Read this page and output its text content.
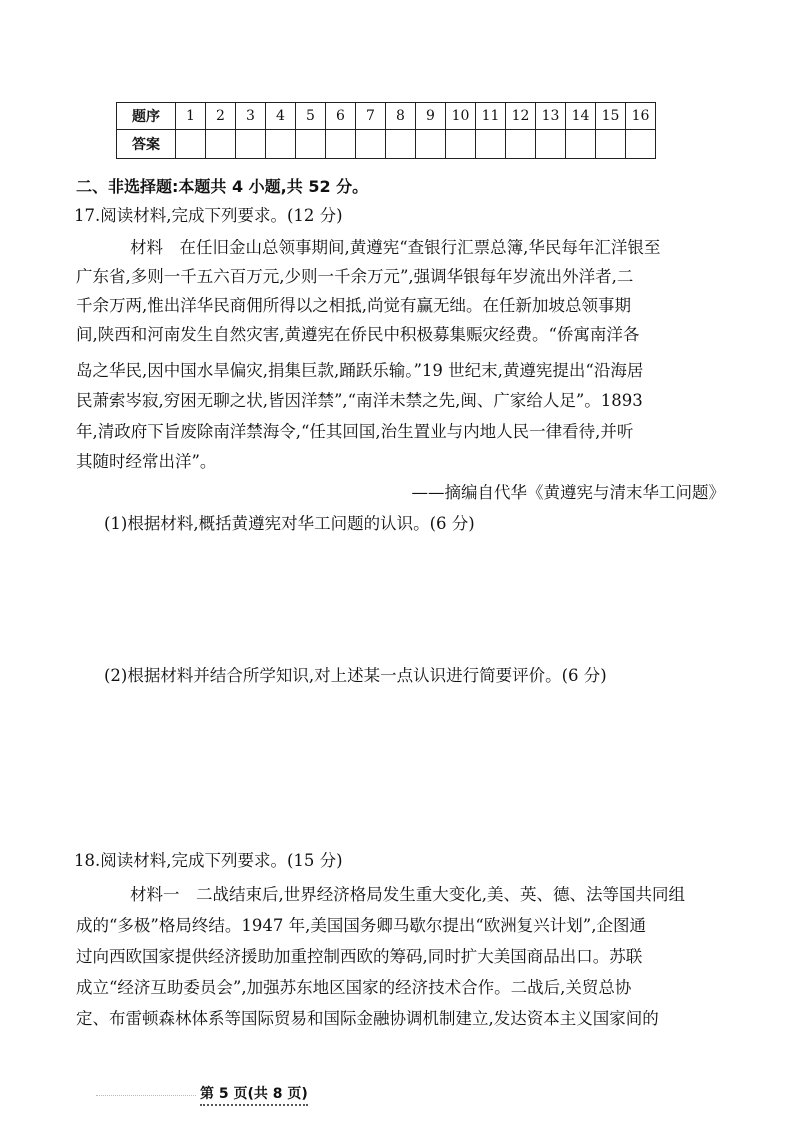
题序	1	2	3	4	5	6	7	8	9	10	11	12	13	14	15	16
答案																
二、非选择题:本题共 4 小题,共 52 分。
17.阅读材料,完成下列要求。(12 分)
材料　在任旧金山总领事期间,黄遵宪“查银行汇票总簿,华民每年汇洋银至
广东省,多则一千五六百万元,少则一千余万元”,强调华银每年岁流出外洋者,二
千余万两,惟出洋华民商佣所得以之相抵,尚觉有赢无绌。在任新加坡总领事期
间,陕西和河南发生自然灾害,黄遵宪在侨民中积极募集赈灾经费。“侨寓南洋各
岛之华民,因中国水旱偏灾,捐集巨款,踊跃乐输。”19 世纪末,黄遵宪提出“沿海居
民萧索岑寂,穷困无聊之状,皆因洋禁”,“南洋未禁之先,闽、广家给人足”。1893
年,清政府下旨废除南洋禁海令,“任其回国,治生置业与内地人民一律看待,并听
其随时经常出洋”。
——摘编自代华《黄遵宪与清末华工问题》
(1)根据材料,概括黄遵宪对华工问题的认识。(6 分)
(2)根据材料并结合所学知识,对上述某一点认识进行简要评价。(6 分)
18.阅读材料,完成下列要求。(15 分)
材料一　二战结束后,世界经济格局发生重大变化,美、英、德、法等国共同组
成的“多极”格局终结。1947 年,美国国务卿马歇尔提出“欧洲复兴计划”,企图通
过向西欧国家提供经济援助加重控制西欧的筹码,同时扩大美国商品出口。苏联
成立“经济互助委员会”,加强苏东地区国家的经济技术合作。二战后,关贸总协
定、布雷顿森林体系等国际贸易和国际金融协调机制建立,发达资本主义国家间的
第 5 页(共 8 页)
